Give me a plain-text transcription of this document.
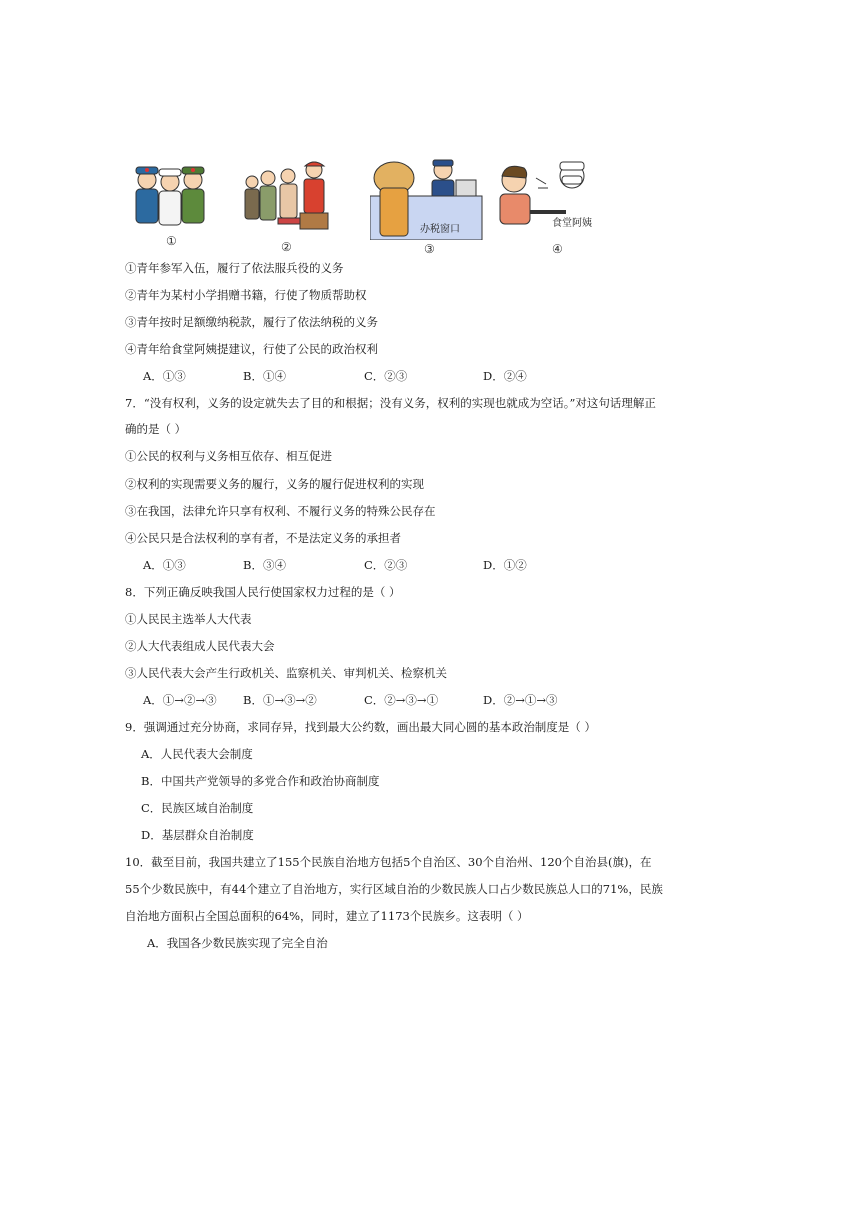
①	②
办税窗口
③
食堂阿姨
④
①青年参军入伍，履行了依法服兵役的义务
②青年为某村小学捐赠书籍，行使了物质帮助权
③青年按时足额缴纳税款，履行了依法纳税的义务
④青年给食堂阿姨提建议，行使了公民的政治权利
A．①③	B．①④	C．②③	D．②④
7．“没有权利，义务的设定就失去了目的和根据；没有义务，权利的实现也就成为空话。”对这句话理解正
确的是（ ）
①公民的权利与义务相互依存、相互促进
②权利的实现需要义务的履行，义务的履行促进权利的实现
③在我国，法律允许只享有权利、不履行义务的特殊公民存在
④公民只是合法权利的享有者，不是法定义务的承担者
A．①③	B．③④	C．②③	D．①②
8．下列正确反映我国人民行使国家权力过程的是（ ）
①人民民主选举人大代表
②人大代表组成人民代表大会
③人民代表大会产生行政机关、监察机关、审判机关、检察机关
A．①→②→③ B．①→③→②	C．②→③→①	D．②→①→③
9．强调通过充分协商，求同存异，找到最大公约数，画出最大同心圆的基本政治制度是（ ）
A．人民代表大会制度
B．中国共产党领导的多党合作和政治协商制度
C．民族区域自治制度
D．基层群众自治制度
10．截至目前，我国共建立了155个民族自治地方包括5个自治区、30个自治州、120个自治县(旗)，在
55个少数民族中，有44个建立了自治地方，实行区域自治的少数民族人口占少数民族总人口的71%，民族
自治地方面积占全国总面积的64%，同时，建立了1173个民族乡。这表明（ ）
A．我国各少数民族实现了完全自治
